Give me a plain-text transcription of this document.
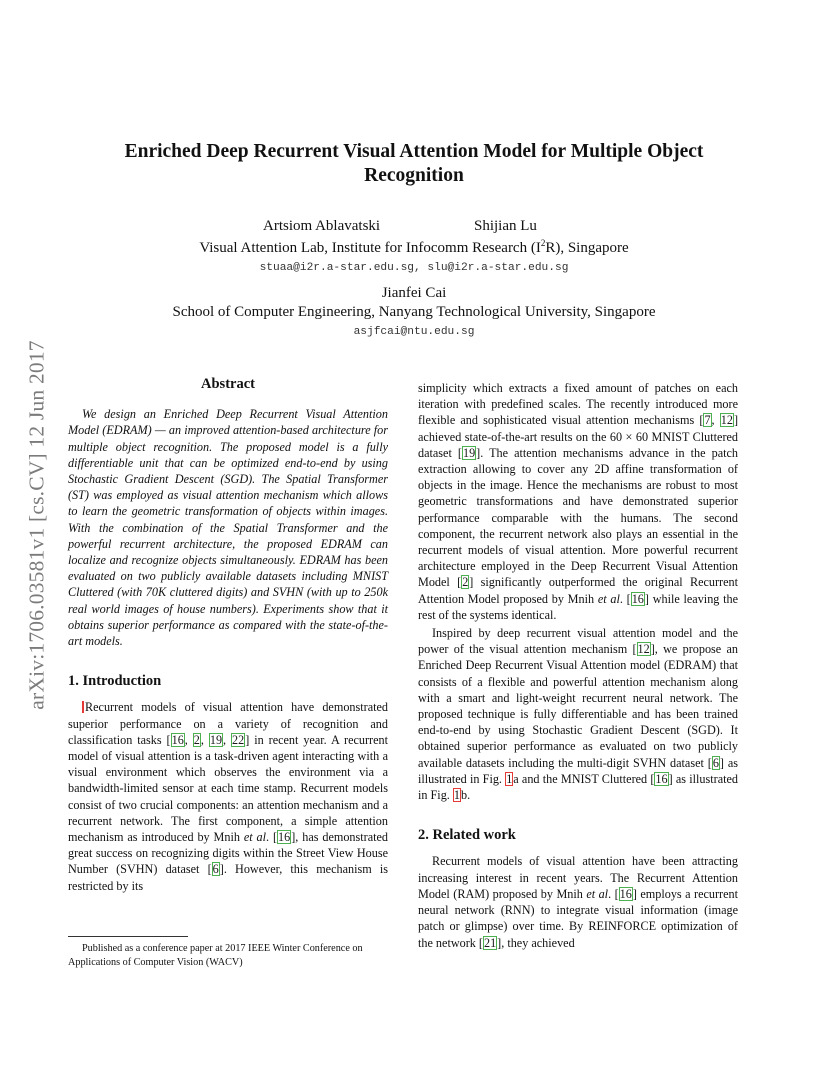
arXiv:1706.03581v1 [cs.CV] 12 Jun 2017
Enriched Deep Recurrent Visual Attention Model for Multiple Object Recognition
Artsiom Ablavatski	Shijian Lu
Visual Attention Lab, Institute for Infocomm Research $(I^2R)$, Singapore
stuaa@i2r.a-star.edu.sg, slu@i2r.a-star.edu.sg
Jianfei Cai
School of Computer Engineering, Nanyang Technological University, Singapore
asjfcai@ntu.edu.sg
Abstract

We design an Enriched Deep Recurrent Visual Attention Model (EDRAM) — an improved attention-based architecture for multiple object recognition. The proposed model is a fully differentiable unit that can be optimized end-to-end by using Stochastic Gradient Descent (SGD). The Spatial Transformer (ST) was employed as visual attention mechanism which allows to learn the geometric transformation of objects within images. With the combination of the Spatial Transformer and the powerful recurrent architecture, the proposed EDRAM can localize and recognize objects simultaneously. EDRAM has been evaluated on two publicly available datasets including MNIST Cluttered (with 70K cluttered digits) and SVHN (with up to 250k real world images of house numbers). Experiments show that it obtains superior performance as compared with the state-of-the-art models.

1. Introduction

Recurrent models of visual attention have demonstrated superior performance on a variety of recognition and classification tasks [16, 2, 19, 22] in recent year. A recurrent model of visual attention is a task-driven agent interacting with a visual environment which observes the environment via a bandwidth-limited sensor at each time stamp. Recurrent models consist of two crucial components: an attention mechanism and a recurrent network. The first component, a simple attention mechanism as introduced by Mnih et al. [16], has demonstrated great success on recognizing digits within the Street View House Number (SVHN) dataset [6]. However, this mechanism is restricted by its

Published as a conference paper at 2017 IEEE Winter Conference on Applications of Computer Vision (WACV)

simplicity which extracts a fixed amount of patches on each iteration with predefined scales. The recently introduced more flexible and sophisticated visual attention mechanisms [7, 12] achieved state-of-the-art results on the 60 × 60 MNIST Cluttered dataset [19]. The attention mechanisms advance in the patch extraction allowing to cover any 2D affine transformation of objects in the image. Hence the mechanisms are robust to most geometric transformations and have demonstrated superior performance comparable with the humans. The second component, the recurrent network also plays an essential in the recurrent models of visual attention. More powerful recurrent architecture employed in the Deep Recurrent Visual Attention Model [2] significantly outperformed the original Recurrent Attention Model proposed by Mnih et al. [16] while leaving the rest of the systems identical.

Inspired by deep recurrent visual attention model and the power of the visual attention mechanism [12], we propose an Enriched Deep Recurrent Visual Attention model (EDRAM) that consists of a flexible and powerful attention mechanism along with a smart and light-weight recurrent neural network. The proposed technique is fully differentiable and has been trained end-to-end by using Stochastic Gradient Descent (SGD). It obtained superior performance as evaluated on two publicly available datasets including the multi-digit SVHN dataset [6] as illustrated in Fig. 1a and the MNIST Cluttered [16] as illustrated in Fig. 1b.

2. Related work

Recurrent models of visual attention have been attracting increasing interest in recent years. The Recurrent Attention Model (RAM) proposed by Mnih et al. [16] employs a recurrent neural network (RNN) to integrate visual information (image patch or glimpse) over time. By REINFORCE optimization of the network [21], they achieved
